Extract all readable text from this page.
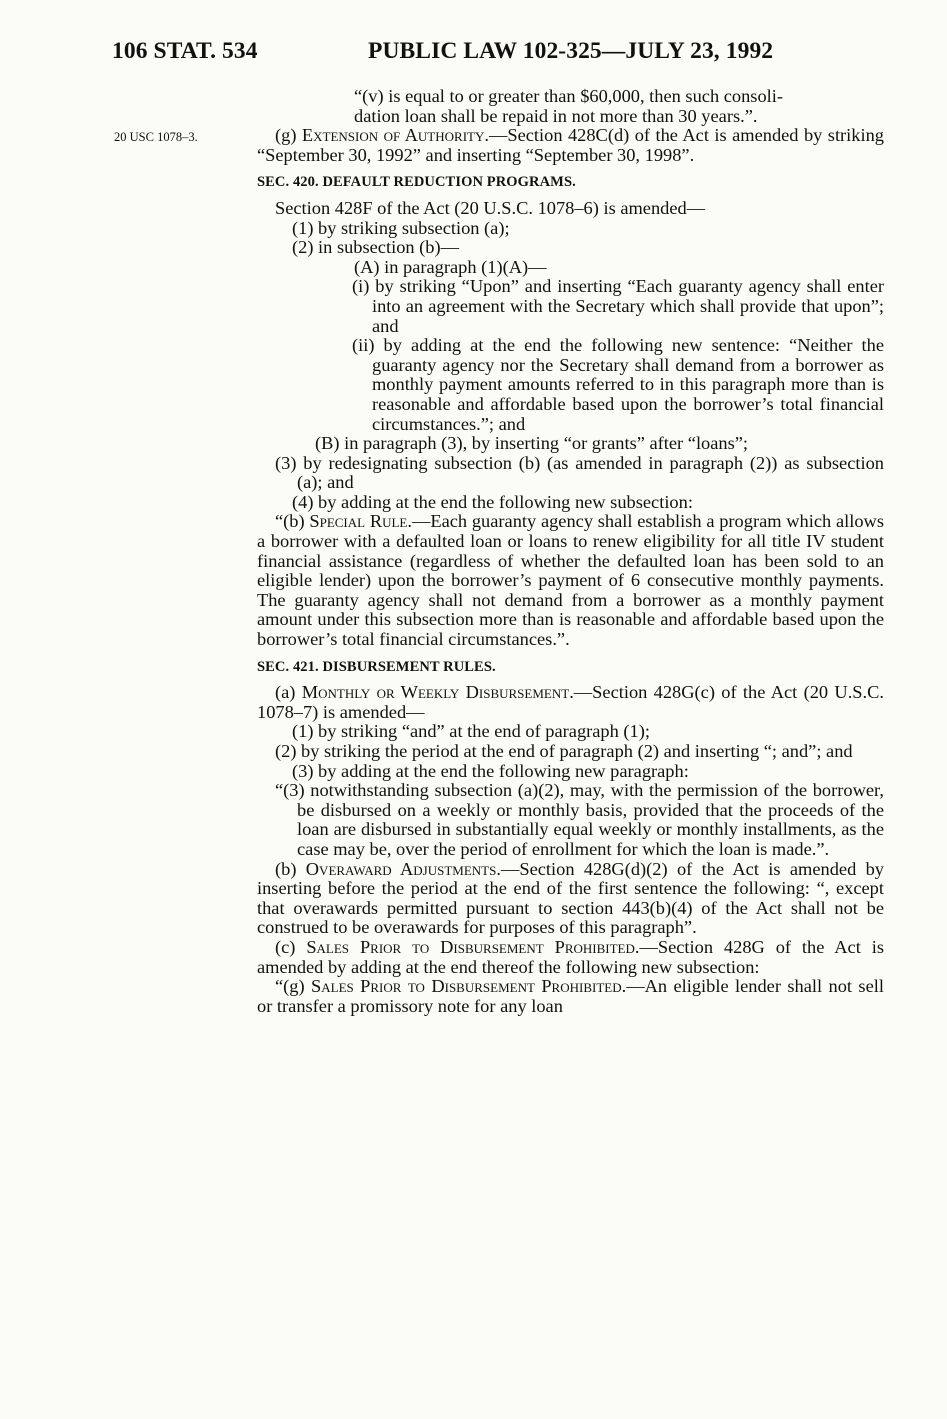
106 STAT. 534	PUBLIC LAW 102-325—JULY 23, 1992
20 USC 1078–3.

“(v) is equal to or greater than $60,000, then such consoli-

dation loan shall be repaid in not more than 30 years.”.

(g) Extension of Authority.—Section 428C(d) of the Act is amended by striking “September 30, 1992” and inserting “September 30, 1998”.

SEC. 420. DEFAULT REDUCTION PROGRAMS.

Section 428F of the Act (20 U.S.C. 1078–6) is amended—

(1) by striking subsection (a);

(2) in subsection (b)—

(A) in paragraph (1)(A)—

(i) by striking “Upon” and inserting “Each guaranty agency shall enter into an agreement with the Secretary which shall provide that upon”; and

(ii) by adding at the end the following new sentence: “Neither the guaranty agency nor the Secretary shall demand from a borrower as monthly payment amounts referred to in this paragraph more than is reasonable and affordable based upon the borrower’s total financial circumstances.”; and

(B) in paragraph (3), by inserting “or grants” after “loans”;

(3) by redesignating subsection (b) (as amended in paragraph (2)) as subsection (a); and

(4) by adding at the end the following new subsection:

“(b) Special Rule.—Each guaranty agency shall establish a program which allows a borrower with a defaulted loan or loans to renew eligibility for all title IV student financial assistance (regardless of whether the defaulted loan has been sold to an eligible lender) upon the borrower’s payment of 6 consecutive monthly payments. The guaranty agency shall not demand from a borrower as a monthly payment amount under this subsection more than is reasonable and affordable based upon the borrower’s total financial circumstances.”.

SEC. 421. DISBURSEMENT RULES.

(a) Monthly or Weekly Disbursement.—Section 428G(c) of the Act (20 U.S.C. 1078–7) is amended—

(1) by striking “and” at the end of paragraph (1);

(2) by striking the period at the end of paragraph (2) and inserting “; and”; and

(3) by adding at the end the following new paragraph:

“(3) notwithstanding subsection (a)(2), may, with the permission of the borrower, be disbursed on a weekly or monthly basis, provided that the proceeds of the loan are disbursed in substantially equal weekly or monthly installments, as the case may be, over the period of enrollment for which the loan is made.”.

(b) Overaward Adjustments.—Section 428G(d)(2) of the Act is amended by inserting before the period at the end of the first sentence the following: “, except that overawards permitted pursuant to section 443(b)(4) of the Act shall not be construed to be overawards for purposes of this paragraph”.

(c) Sales Prior to Disbursement Prohibited.—Section 428G of the Act is amended by adding at the end thereof the following new subsection:

“(g) Sales Prior to Disbursement Prohibited.—An eligible lender shall not sell or transfer a promissory note for any loan
